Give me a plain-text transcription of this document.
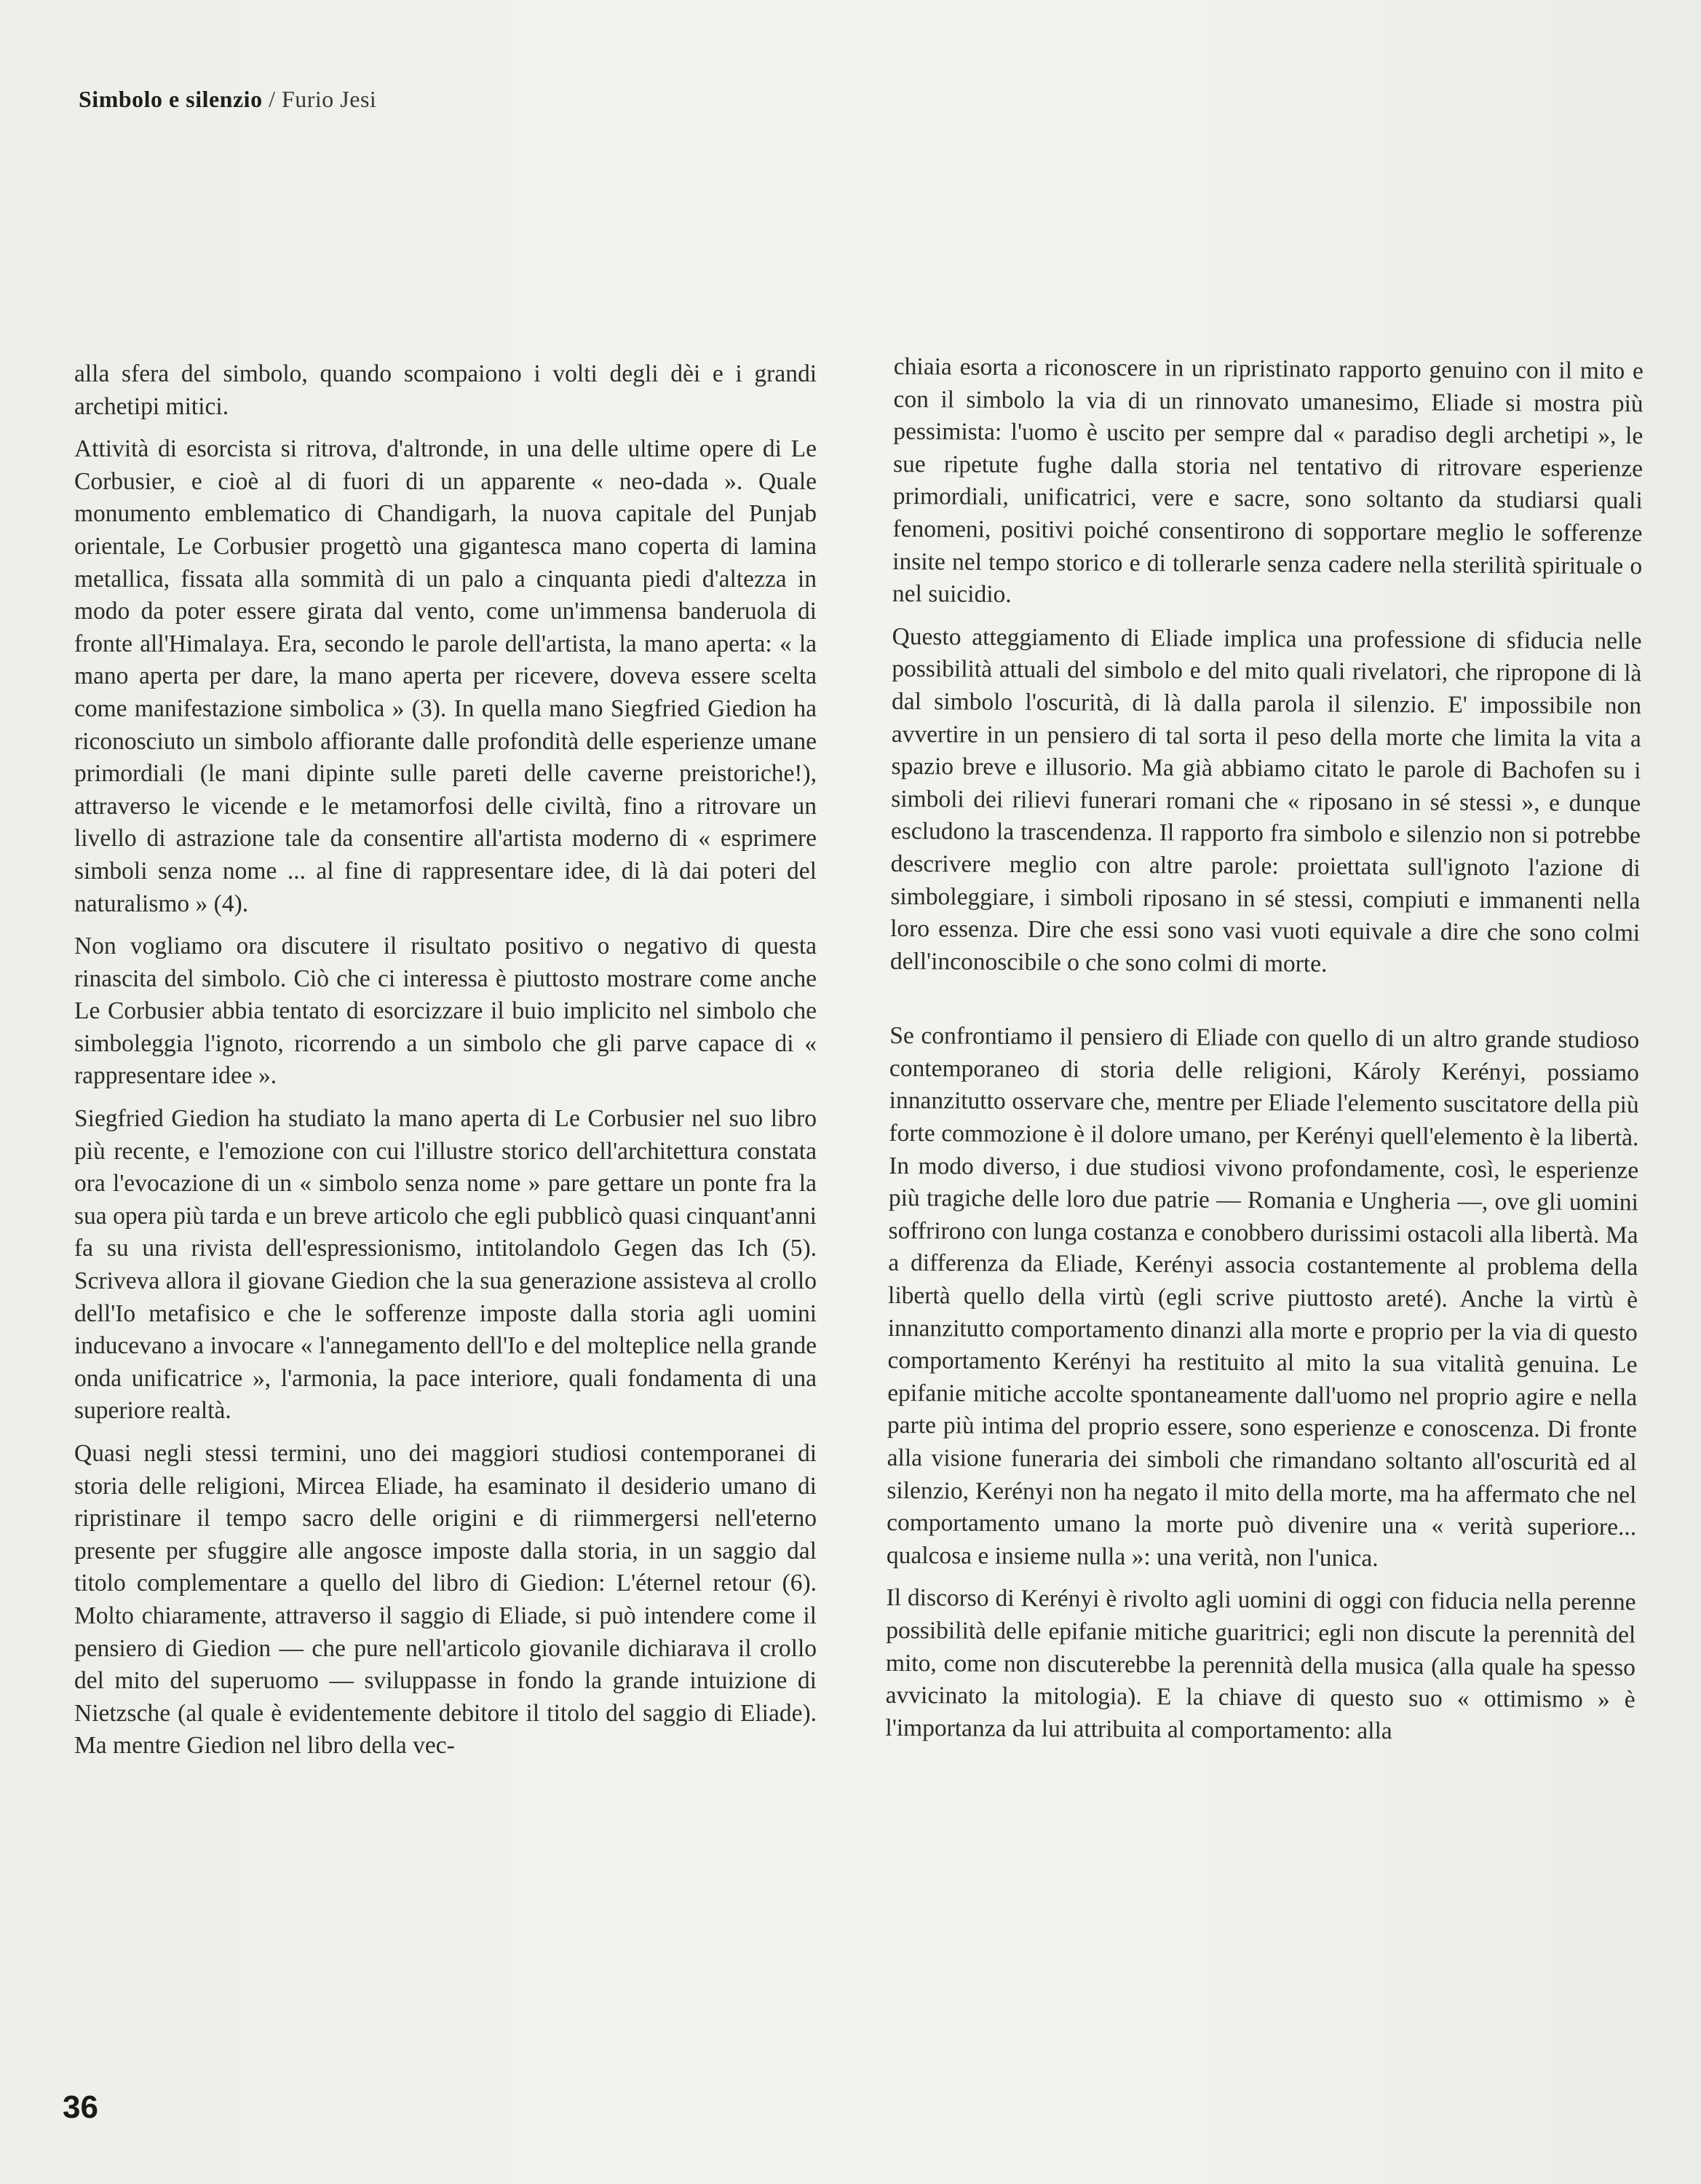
Simbolo e silenzio / Furio Jesi

alla sfera del simbolo, quando scompaiono i volti degli dèi e i grandi archetipi mitici.

Attività di esorcista si ritrova, d'altronde, in una delle ultime opere di Le Corbusier, e cioè al di fuori di un apparente « neo-dada ». Quale monumento emblematico di Chandigarh, la nuova capitale del Punjab orientale, Le Corbusier progettò una gigantesca mano coperta di lamina metallica, fissata alla sommità di un palo a cinquanta piedi d'altezza in modo da poter essere girata dal vento, come un'immensa banderuola di fronte all'Himalaya. Era, secondo le parole dell'artista, la mano aperta: « la mano aperta per dare, la mano aperta per ricevere, doveva essere scelta come manifestazione simbolica » (3). In quella mano Siegfried Giedion ha riconosciuto un simbolo affiorante dalle profondità delle esperienze umane primordiali (le mani dipinte sulle pareti delle caverne preistoriche!), attraverso le vicende e le metamorfosi delle civiltà, fino a ritrovare un livello di astrazione tale da consentire all'artista moderno di « esprimere simboli senza nome ... al fine di rappresentare idee, di là dai poteri del naturalismo » (4).

Non vogliamo ora discutere il risultato positivo o negativo di questa rinascita del simbolo. Ciò che ci interessa è piuttosto mostrare come anche Le Corbusier abbia tentato di esorcizzare il buio implicito nel simbolo che simboleggia l'ignoto, ricorrendo a un simbolo che gli parve capace di « rappresentare idee ».

Siegfried Giedion ha studiato la mano aperta di Le Corbusier nel suo libro più recente, e l'emozione con cui l'illustre storico dell'architettura constata ora l'evocazione di un « simbolo senza nome » pare gettare un ponte fra la sua opera più tarda e un breve articolo che egli pubblicò quasi cinquant'anni fa su una rivista dell'espressionismo, intitolandolo Gegen das Ich (5). Scriveva allora il giovane Giedion che la sua generazione assisteva al crollo dell'Io metafisico e che le sofferenze imposte dalla storia agli uomini inducevano a invocare « l'annegamento dell'Io e del molteplice nella grande onda unificatrice », l'armonia, la pace interiore, quali fondamenta di una superiore realtà.

Quasi negli stessi termini, uno dei maggiori studiosi contemporanei di storia delle religioni, Mircea Eliade, ha esaminato il desiderio umano di ripristinare il tempo sacro delle origini e di riimmergersi nell'eterno presente per sfuggire alle angosce imposte dalla storia, in un saggio dal titolo complementare a quello del libro di Giedion: L'éternel retour (6). Molto chiaramente, attraverso il saggio di Eliade, si può intendere come il pensiero di Giedion — che pure nell'articolo giovanile dichiarava il crollo del mito del superuomo — sviluppasse in fondo la grande intuizione di Nietzsche (al quale è evidentemente debitore il titolo del saggio di Eliade). Ma mentre Giedion nel libro della vec-

chiaia esorta a riconoscere in un ripristinato rapporto genuino con il mito e con il simbolo la via di un rinnovato umanesimo, Eliade si mostra più pessimista: l'uomo è uscito per sempre dal « paradiso degli archetipi », le sue ripetute fughe dalla storia nel tentativo di ritrovare esperienze primordiali, unificatrici, vere e sacre, sono soltanto da studiarsi quali fenomeni, positivi poiché consentirono di sopportare meglio le sofferenze insite nel tempo storico e di tollerarle senza cadere nella sterilità spirituale o nel suicidio.

Questo atteggiamento di Eliade implica una professione di sfiducia nelle possibilità attuali del simbolo e del mito quali rivelatori, che ripropone di là dal simbolo l'oscurità, di là dalla parola il silenzio. E' impossibile non avvertire in un pensiero di tal sorta il peso della morte che limita la vita a spazio breve e illusorio. Ma già abbiamo citato le parole di Bachofen su i simboli dei rilievi funerari romani che « riposano in sé stessi », e dunque escludono la trascendenza. Il rapporto fra simbolo e silenzio non si potrebbe descrivere meglio con altre parole: proiettata sull'ignoto l'azione di simboleggiare, i simboli riposano in sé stessi, compiuti e immanenti nella loro essenza. Dire che essi sono vasi vuoti equivale a dire che sono colmi dell'inconoscibile o che sono colmi di morte.

Se confrontiamo il pensiero di Eliade con quello di un altro grande studioso contemporaneo di storia delle religioni, Károly Kerényi, possiamo innanzitutto osservare che, mentre per Eliade l'elemento suscitatore della più forte commozione è il dolore umano, per Kerényi quell'elemento è la libertà. In modo diverso, i due studiosi vivono profondamente, così, le esperienze più tragiche delle loro due patrie — Romania e Ungheria —, ove gli uomini soffrirono con lunga costanza e conobbero durissimi ostacoli alla libertà. Ma a differenza da Eliade, Kerényi associa costantemente al problema della libertà quello della virtù (egli scrive piuttosto areté). Anche la virtù è innanzitutto comportamento dinanzi alla morte e proprio per la via di questo comportamento Kerényi ha restituito al mito la sua vitalità genuina. Le epifanie mitiche accolte spontaneamente dall'uomo nel proprio agire e nella parte più intima del proprio essere, sono esperienze e conoscenza. Di fronte alla visione funeraria dei simboli che rimandano soltanto all'oscurità ed al silenzio, Kerényi non ha negato il mito della morte, ma ha affermato che nel comportamento umano la morte può divenire una « verità superiore... qualcosa e insieme nulla »: una verità, non l'unica.

Il discorso di Kerényi è rivolto agli uomini di oggi con fiducia nella perenne possibilità delle epifanie mitiche guaritrici; egli non discute la perennità del mito, come non discuterebbe la perennità della musica (alla quale ha spesso avvicinato la mitologia). E la chiave di questo suo « ottimismo » è l'importanza da lui attribuita al comportamento: alla

36
